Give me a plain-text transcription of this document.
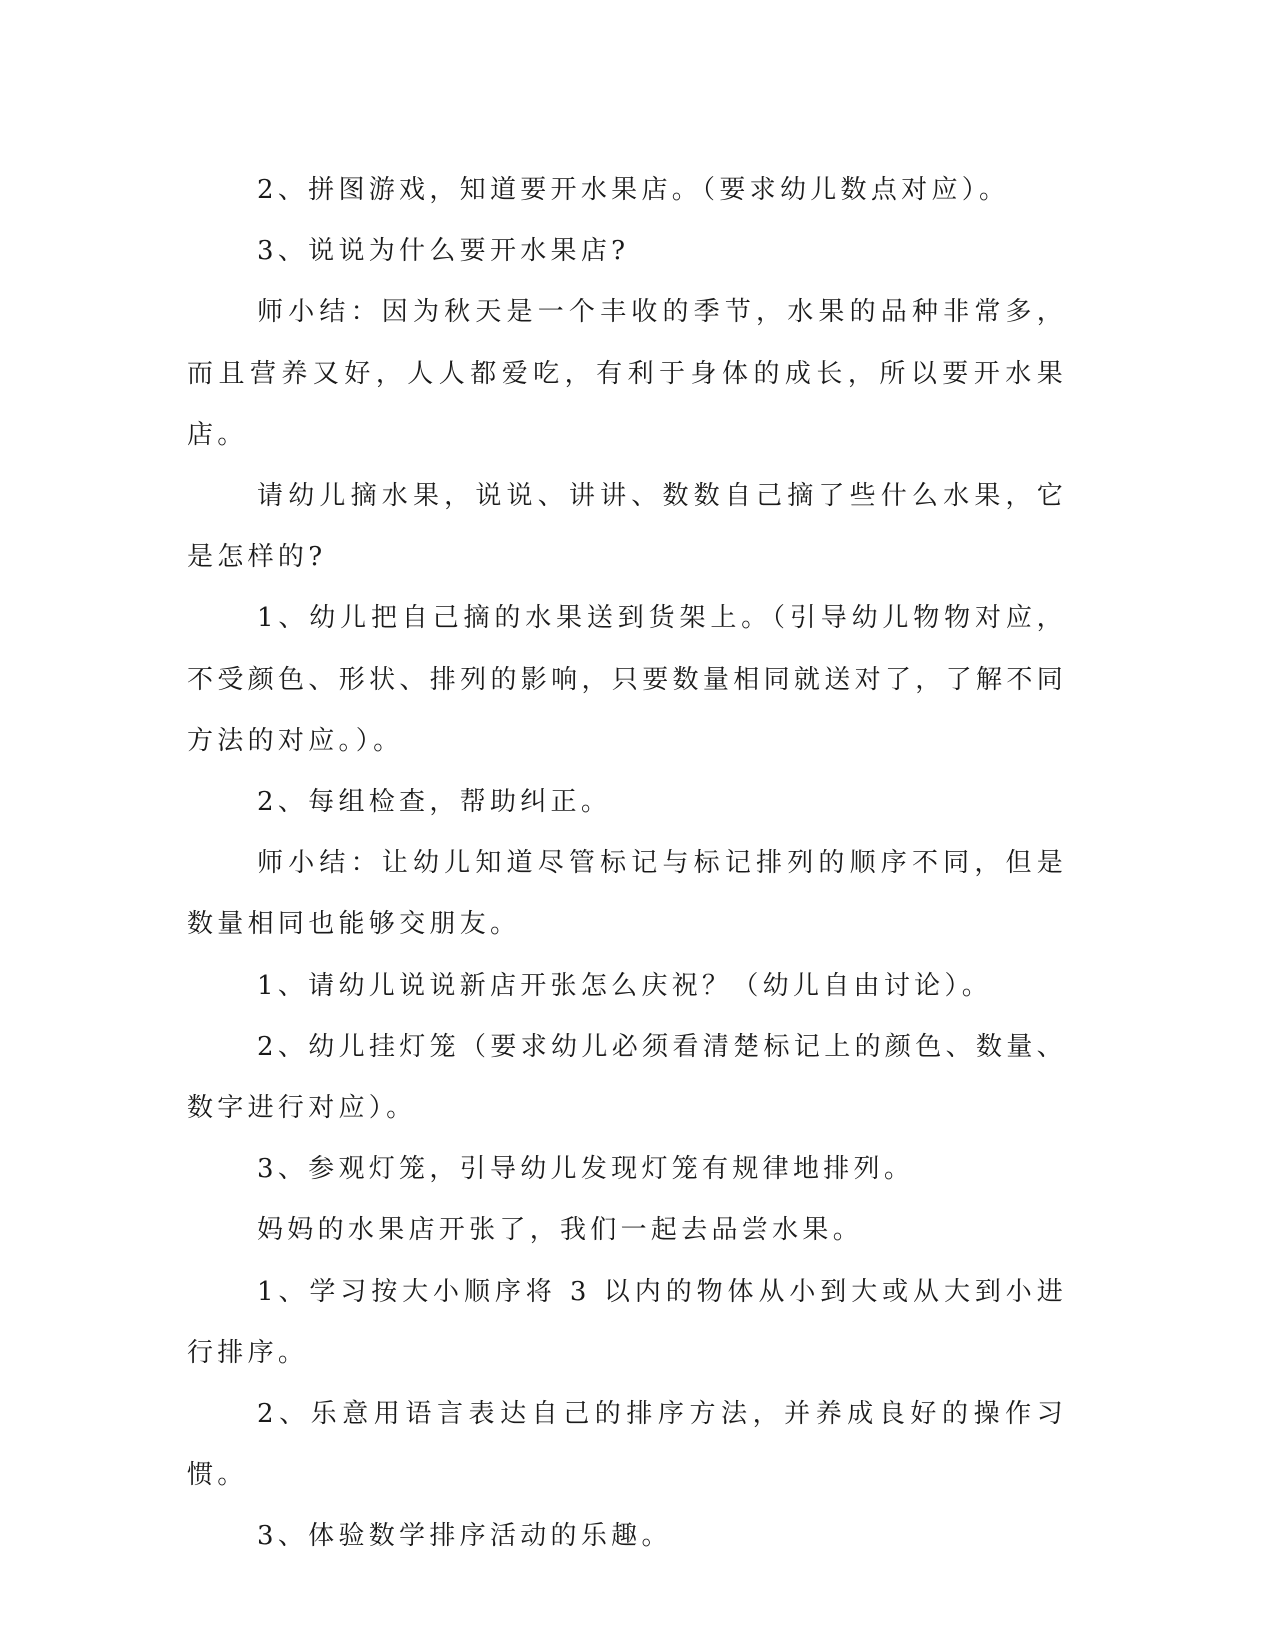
2、拼图游戏，知道要开水果店。（要求幼儿数点对应）。

3、说说为什么要开水果店?

师小结：因为秋天是一个丰收的季节，水果的品种非常多，而且营养又好，人人都爱吃，有利于身体的成长，所以要开水果店。

请幼儿摘水果，说说、讲讲、数数自己摘了些什么水果，它是怎样的?

1、幼儿把自己摘的水果送到货架上。（引导幼儿物物对应，不受颜色、形状、排列的影响，只要数量相同就送对了，了解不同方法的对应。）。

2、每组检查，帮助纠正。

师小结：让幼儿知道尽管标记与标记排列的顺序不同，但是数量相同也能够交朋友。

1、请幼儿说说新店开张怎么庆祝？（幼儿自由讨论）。

2、幼儿挂灯笼（要求幼儿必须看清楚标记上的颜色、数量、数字进行对应）。

3、参观灯笼，引导幼儿发现灯笼有规律地排列。

妈妈的水果店开张了，我们一起去品尝水果。

1、学习按大小顺序将 3 以内的物体从小到大或从大到小进行排序。

2、乐意用语言表达自己的排序方法，并养成良好的操作习惯。

3、体验数学排序活动的乐趣。
